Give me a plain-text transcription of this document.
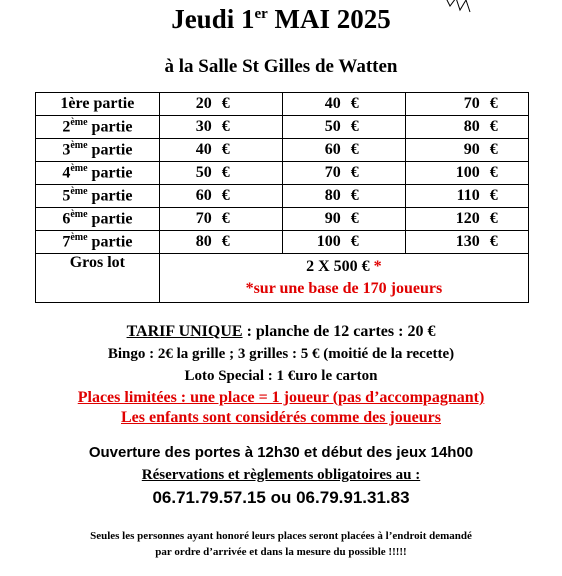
Jeudi 1er MAI 2025
à la Salle St Gilles de Watten
1ère partie	20 €	40 €	70 €
2ème partie	30 €	50 €	80 €
3ème partie	40 €	60 €	90 €
4ème partie	50 €	70 €	100 €
5ème partie	60 €	80 €	110 €
6ème partie	70 €	90 €	120 €
7ème partie	80 €	100 €	130 €
Gros lot	2 X 500 € *
*sur une base de 170 joueurs		
TARIF UNIQUE : planche de 12 cartes : 20 €
Bingo : 2€ la grille ; 3 grilles : 5 € (moitié de la recette)
Loto Special : 1 €uro le carton
Places limitées : une place = 1 joueur (pas d’accompagnant)
Les enfants sont considérés comme des joueurs
Ouverture des portes à 12h30 et début des jeux 14h00
Réservations et règlements obligatoires au :
06.71.79.57.15 ou 06.79.91.31.83
Seules les personnes ayant honoré leurs places seront placées à l’endroit demandé
par ordre d’arrivée et dans la mesure du possible !!!!!
